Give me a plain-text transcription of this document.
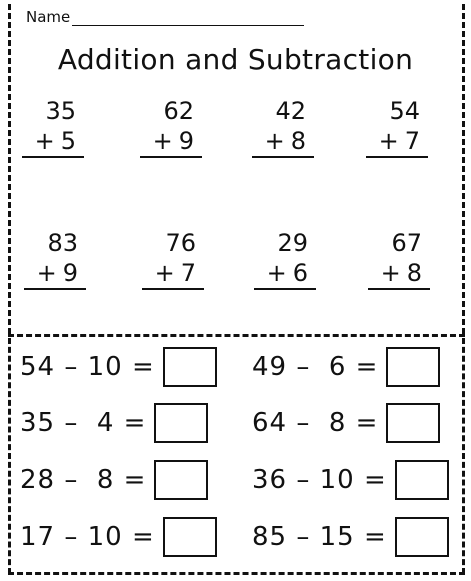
Name
Addition and Subtraction
35
+ 5
62
+ 9
42
+ 8
54
+ 7
83
+ 9
76
+ 7
29
+ 6
67
+ 8
54 – 10 =	49 –  6 =
35 –  4 =	64 –  8 =
28 –  8 =	36 – 10 =
17 – 10 =	85 – 15 =
